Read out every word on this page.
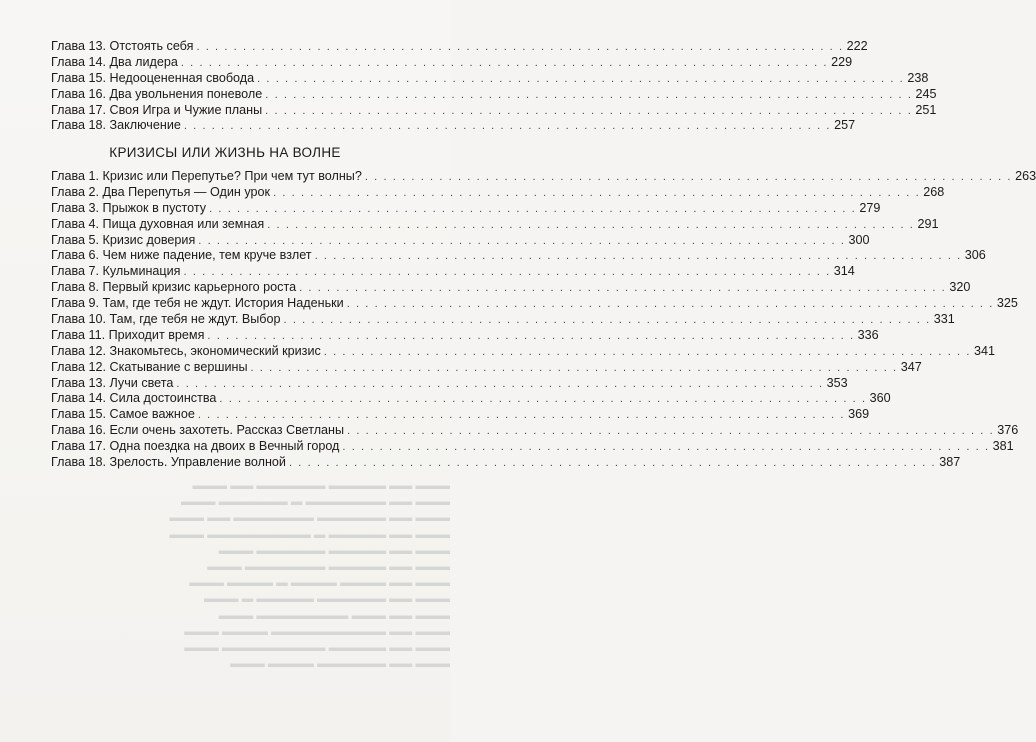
Глава 13. Отстоять себя . . .	222
Глава 14. Два лидера . . .	229
Глава 15. Недооцененная свобода . . .	238
Глава 16. Два увольнения поневоле . . .	245
Глава 17. Своя Игра и Чужие планы . . .	251
Глава 18. Заключение . . .	257
КРИЗИСЫ ИЛИ ЖИЗНЬ НА ВОЛНЕ
Глава 1. Кризис или Перепутье? При чем тут волны? . . .	263
Глава 2. Два Перепутья — Один урок . . .	268
Глава 3. Прыжок в пустоту . . .	279
Глава 4. Пища духовная или земная . . .	291
Глава 5. Кризис доверия . . .	300
Глава 6. Чем ниже падение, тем круче взлет . . .	306
Глава 7. Кульминация . . .	314
Глава 8. Первый кризис карьерного роста . . .	320
Глава 9. Там, где тебя не ждут. История Наденьки . . .	325
Глава 10. Там, где тебя не ждут. Выбор . . .	331
Глава 11. Приходит время . . .	336
Глава 12. Знакомьтесь, экономический кризис . . .	341
Глава 12. Скатывание с вершины . . .	347
Глава 13. Лучи света . . .	353
Глава 14. Сила достоинства . . .	360
Глава 15. Самое важное . . .	369
Глава 16. Если очень захотеть. Рассказ Светланы . . .	376
Глава 17. Одна поездка на двоих в Вечный город . . .	381
Глава 18. Зрелость. Управление волной . . .	387
▬▬▬ ▬▬ ▬▬▬▬▬ ▬▬▬▬▬▬ ▬▬ ▬▬▬
▬▬▬ ▬▬ ▬▬▬▬▬▬▬ ▬ ▬▬▬▬▬▬ ▬▬▬
▬▬▬ ▬▬ ▬▬▬▬▬▬ ▬▬▬▬▬▬▬ ▬▬ ▬▬▬
▬▬▬ ▬▬ ▬▬▬▬▬ ▬ ▬▬▬▬▬▬▬▬▬ ▬▬▬
▬▬▬ ▬▬ ▬▬▬▬▬ ▬▬▬▬▬▬ ▬▬▬
▬▬▬ ▬▬ ▬▬▬▬▬ ▬▬▬▬▬▬▬ ▬▬▬
▬▬▬ ▬▬ ▬▬▬▬ ▬▬▬▬ ▬ ▬▬▬▬ ▬▬▬
▬▬▬ ▬▬ ▬▬▬▬▬▬ ▬▬▬▬▬ ▬ ▬▬▬
▬▬▬ ▬▬ ▬▬▬ ▬▬▬▬▬▬▬▬ ▬▬▬
▬▬▬ ▬▬ ▬▬▬▬▬▬▬▬▬▬ ▬▬▬▬ ▬▬▬
▬▬▬ ▬▬ ▬▬▬▬▬ ▬▬▬▬▬▬▬▬▬ ▬▬▬
▬▬▬ ▬▬ ▬▬▬▬▬▬ ▬▬▬▬ ▬▬▬
